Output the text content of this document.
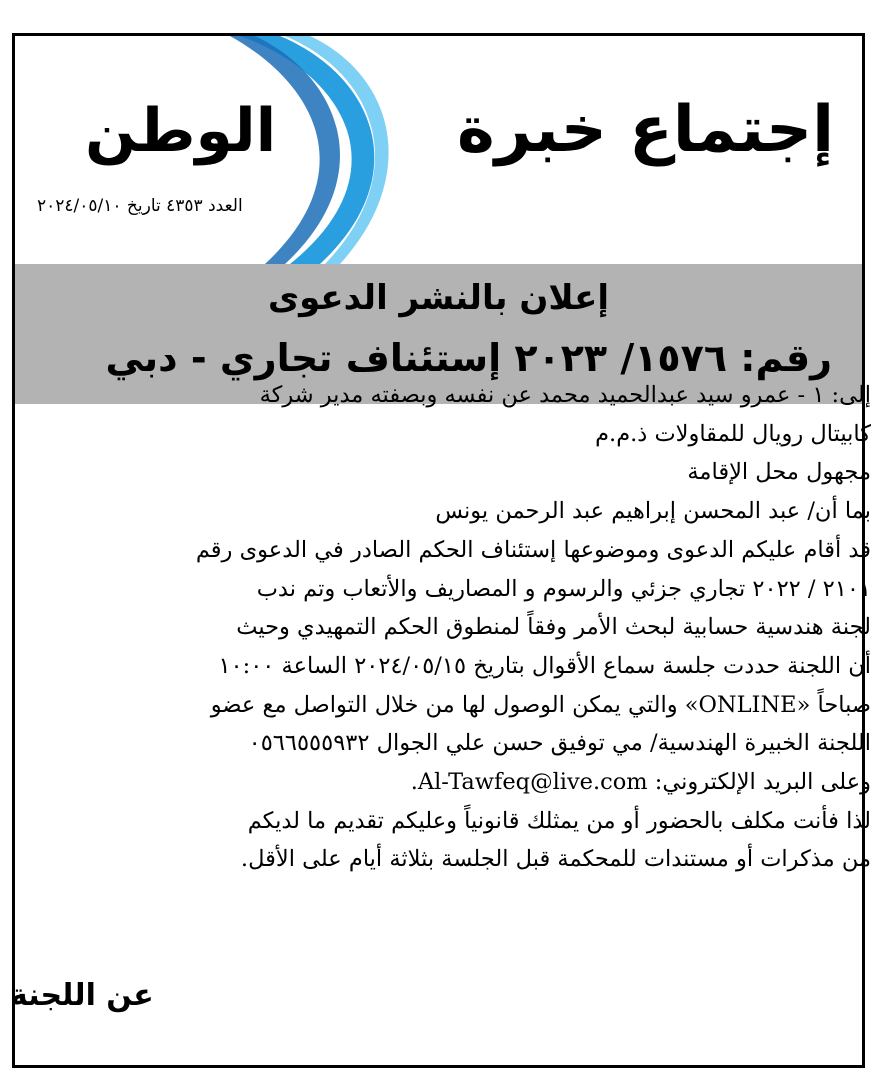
إجتماع خبرة
الوطن
العدد ٤٣٥٣ تاريخ ٢٠٢٤/٠٥/١٠
إعلان بالنشر الدعوى
رقم: ١٥٧٦/ ٢٠٢٣ إستئناف تجاري - دبي

إلى: ١ - عمرو سيد عبدالحميد محمد عن نفسه وبصفته مدير شركة

كابيتال رويال للمقاولات ذ.م.م

مجهول محل الإقامة

بما أن/ عبد المحسن إبراهيم عبد الرحمن يونس

قد أقام عليكم الدعوى وموضوعها إستئناف الحكم الصادر في الدعوى رقم

٢١٠١ / ٢٠٢٢ تجاري جزئي والرسوم و المصاريف والأتعاب وتم ندب

لجنة هندسية حسابية لبحث الأمر وفقاً لمنطوق الحكم التمهيدي وحيث

أن اللجنة حددت جلسة سماع الأقوال بتاريخ ٢٠٢٤/٠٥/١٥ الساعة ١٠:٠٠

صباحاً «ONLINE» والتي يمكن الوصول لها من خلال التواصل مع عضو

اللجنة الخبيرة الهندسية/ مي توفيق حسن علي الجوال ٠٥٦٦٥٥٥٩٣٢

وعلى البريد الإلكتروني: Al-Tawfeq@live.com.

لذا فأنت مكلف بالحضور أو من يمثلك قانونياً وعليكم تقديم ما لديكم

من مذكرات أو مستندات للمحكمة قبل الجلسة بثلاثة أيام على الأقل.

عن اللجنة
